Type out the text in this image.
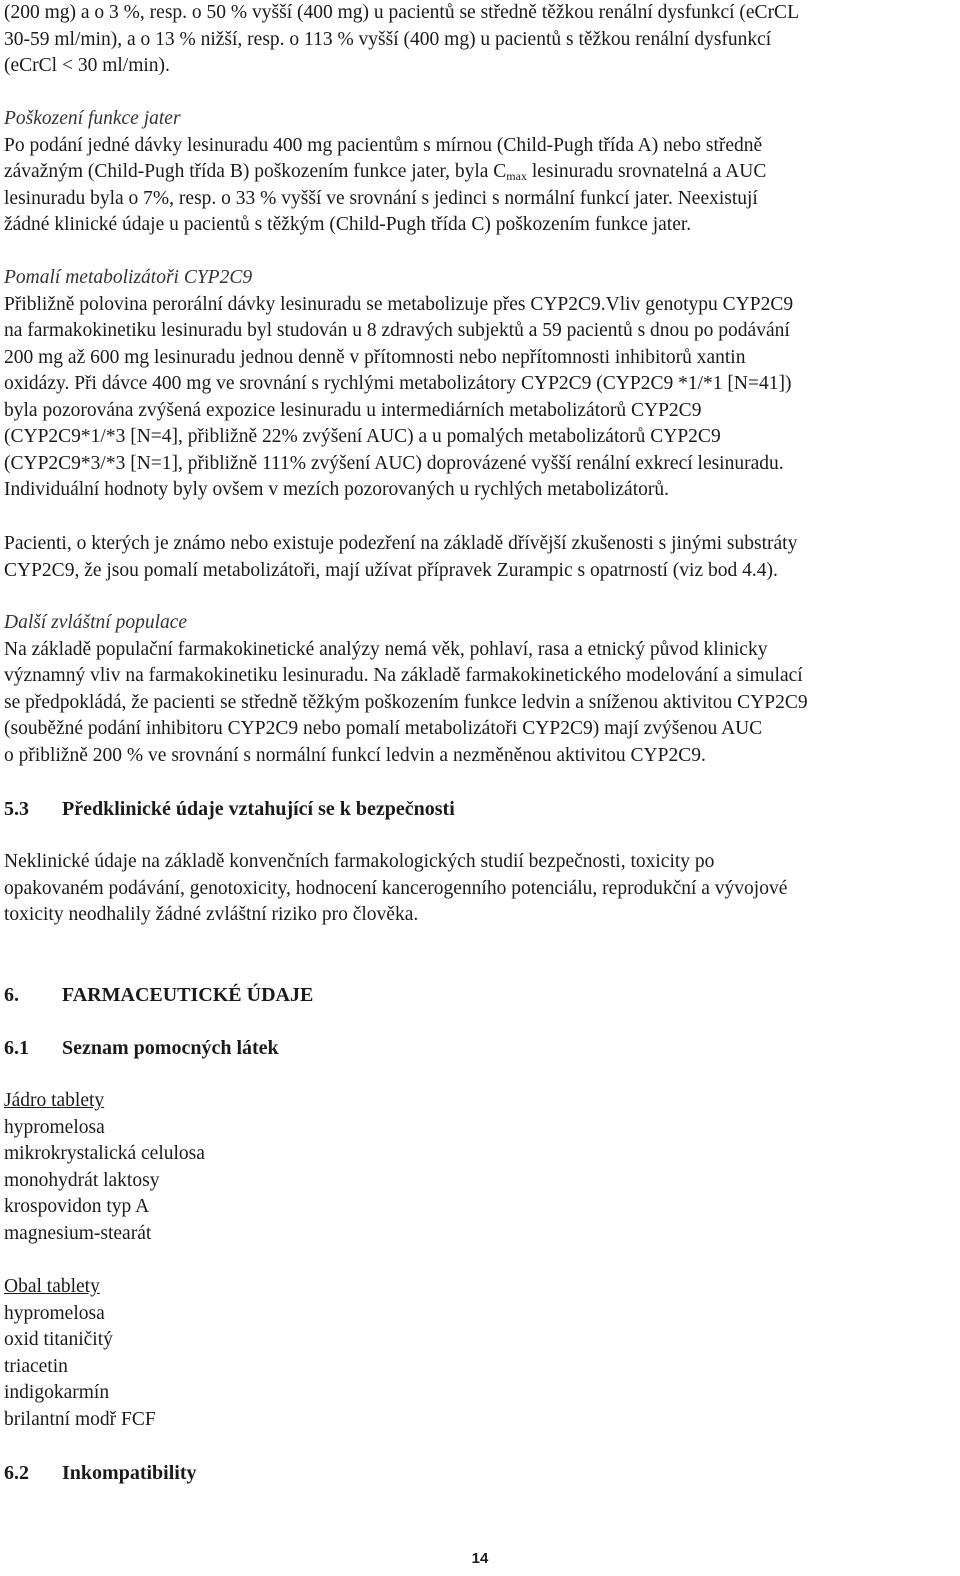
(200 mg) a o 3 %, resp. o 50 % vyšší (400 mg) u pacientů se středně těžkou renální dysfunkcí (eCrCL
30-59 ml/min), a o 13 % nižší, resp. o 113 % vyšší (400 mg) u pacientů s těžkou renální dysfunkcí
(eCrCl < 30 ml/min).
Poškození funkce jater
Po podání jedné dávky lesinuradu 400 mg pacientům s mírnou (Child-Pugh třída A) nebo středně
závažným (Child-Pugh třída B) poškozením funkce jater, byla $C_{max}$ lesinuradu srovnatelná a AUC
lesinuradu byla o 7%, resp. o 33 % vyšší ve srovnání s jedinci s normální funkcí jater. Neexistují
žádné klinické údaje u pacientů s těžkým (Child-Pugh třída C) poškozením funkce jater.
Pomalí metabolizátoři CYP2C9
Přibližně polovina perorální dávky lesinuradu se metabolizuje přes CYP2C9.Vliv genotypu CYP2C9
na farmakokinetiku lesinuradu byl studován u 8 zdravých subjektů a 59 pacientů s dnou po podávání
200 mg až 600 mg lesinuradu jednou denně v přítomnosti nebo nepřítomnosti inhibitorů xantin
oxidázy. Při dávce 400 mg ve srovnání s rychlými metabolizátory CYP2C9 (CYP2C9 *1/*1 [N=41])
byla pozorována zvýšená expozice lesinuradu u intermediárních metabolizátorů CYP2C9
(CYP2C9*1/*3 [N=4], přibližně 22% zvýšení AUC) a u pomalých metabolizátorů CYP2C9
(CYP2C9*3/*3 [N=1], přibližně 111% zvýšení AUC) doprovázené vyšší renální exkrecí lesinuradu.
Individuální hodnoty byly ovšem v mezích pozorovaných u rychlých metabolizátorů.
Pacienti, o kterých je známo nebo existuje podezření na základě dřívější zkušenosti s jinými substráty
CYP2C9, že jsou pomalí metabolizátoři, mají užívat přípravek Zurampic s opatrností (viz bod 4.4).
Další zvláštní populace
Na základě populační farmakokinetické analýzy nemá věk, pohlaví, rasa a etnický původ klinicky
významný vliv na farmakokinetiku lesinuradu. Na základě farmakokinetického modelování a simulací
se předpokládá, že pacienti se středně těžkým poškozením funkce ledvin a sníženou aktivitou CYP2C9
(souběžné podání inhibitoru CYP2C9 nebo pomalí metabolizátoři CYP2C9) mají zvýšenou AUC
o přibližně 200 % ve srovnání s normální funkcí ledvin a nezměněnou aktivitou CYP2C9.
5.3 Předklinické údaje vztahující se k bezpečnosti
Neklinické údaje na základě konvenčních farmakologických studií bezpečnosti, toxicity po
opakovaném podávání, genotoxicity, hodnocení kancerogenního potenciálu, reprodukční a vývojové
toxicity neodhalily žádné zvláštní riziko pro člověka.
6. FARMACEUTICKÉ ÚDAJE
6.1 Seznam pomocných látek
Jádro tablety
hypromelosa
mikrokrystalická celulosa
monohydrát laktosy
krospovidon typ A
magnesium-stearát
Obal tablety
hypromelosa
oxid titaničitý
triacetin
indigokarmín
brilantní modř FCF
6.2 Inkompatibility
14
